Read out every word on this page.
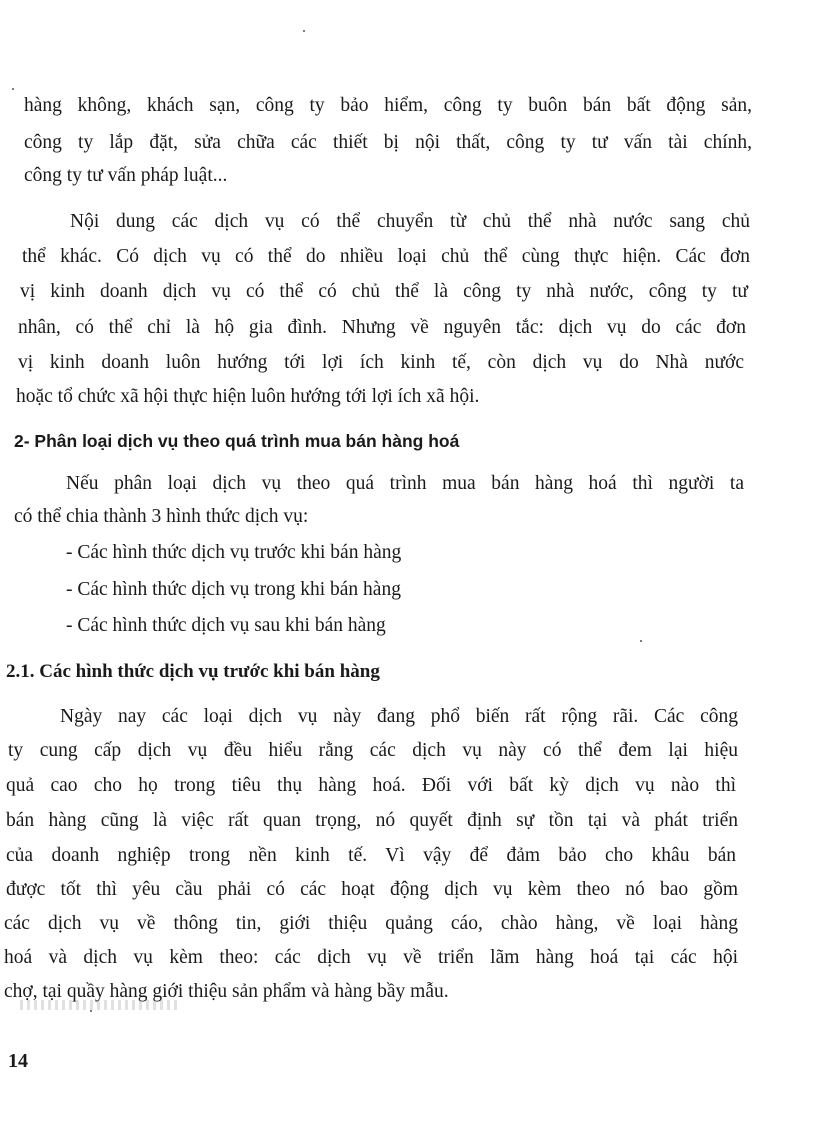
hàng không, khách sạn, công ty bảo hiểm, công ty buôn bán bất động sản,
công ty lắp đặt, sửa chữa các thiết bị nội thất, công ty tư vấn tài chính,
công ty tư vấn pháp luật...
Nội dung các dịch vụ có thể chuyển từ chủ thể nhà nước sang chủ
thể khác. Có dịch vụ có thể do nhiều loại chủ thể cùng thực hiện. Các đơn
vị kinh doanh dịch vụ có thể có chủ thể là công ty nhà nước, công ty tư
nhân, có thể chỉ là hộ gia đình. Nhưng về nguyên tắc: dịch vụ do các đơn
vị kinh doanh luôn hướng tới lợi ích kinh tế, còn dịch vụ do Nhà nước
hoặc tổ chức xã hội thực hiện luôn hướng tới lợi ích xã hội.
2- Phân loại dịch vụ theo quá trình mua bán hàng hoá
Nếu phân loại dịch vụ theo quá trình mua bán hàng hoá thì người ta
có thể chia thành 3 hình thức dịch vụ:
- Các hình thức dịch vụ trước khi bán hàng
- Các hình thức dịch vụ trong khi bán hàng
- Các hình thức dịch vụ sau khi bán hàng
2.1. Các hình thức dịch vụ trước khi bán hàng
Ngày nay các loại dịch vụ này đang phổ biến rất rộng rãi. Các công
ty cung cấp dịch vụ đều hiểu rằng các dịch vụ này có thể đem lại hiệu
quả cao cho họ trong tiêu thụ hàng hoá. Đối với bất kỳ dịch vụ nào thì
bán hàng cũng là việc rất quan trọng, nó quyết định sự tồn tại và phát triển
của doanh nghiệp trong nền kinh tế. Vì vậy để đảm bảo cho khâu bán
được tốt thì yêu cầu phải có các hoạt động dịch vụ kèm theo nó bao gồm
các dịch vụ về thông tin, giới thiệu quảng cáo, chào hàng, về loại hàng
hoá và dịch vụ kèm theo: các dịch vụ về triển lãm hàng hoá tại các hội
chợ, tại quầy hàng giới thiệu sản phẩm và hàng bầy mẫu.
14
